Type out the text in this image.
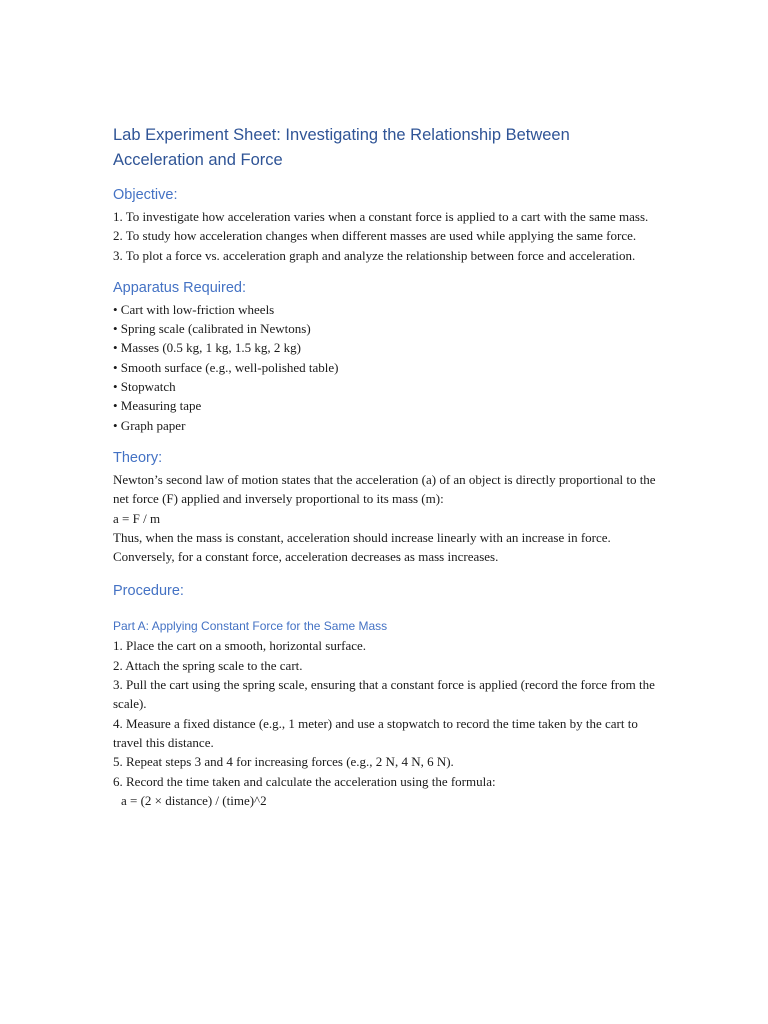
Lab Experiment Sheet: Investigating the Relationship Between
Acceleration and Force
Objective:

1. To investigate how acceleration varies when a constant force is applied to a cart with the same mass.

2. To study how acceleration changes when different masses are used while applying the same force.

3. To plot a force vs. acceleration graph and analyze the relationship between force and acceleration.

Apparatus Required:

• Cart with low-friction wheels

• Spring scale (calibrated in Newtons)

• Masses (0.5 kg, 1 kg, 1.5 kg, 2 kg)

• Smooth surface (e.g., well-polished table)

• Stopwatch

• Measuring tape

• Graph paper

Theory:

Newton’s second law of motion states that the acceleration (a) of an object is directly proportional to the net force (F) applied and inversely proportional to its mass (m):

a = F / m

Thus, when the mass is constant, acceleration should increase linearly with an increase in force. Conversely, for a constant force, acceleration decreases as mass increases.

Procedure:
Part A: Applying Constant Force for the Same Mass

1. Place the cart on a smooth, horizontal surface.

2. Attach the spring scale to the cart.

3. Pull the cart using the spring scale, ensuring that a constant force is applied (record the force from the scale).

4. Measure a fixed distance (e.g., 1 meter) and use a stopwatch to record the time taken by the cart to travel this distance.

5. Repeat steps 3 and 4 for increasing forces (e.g., 2 N, 4 N, 6 N).

6. Record the time taken and calculate the acceleration using the formula:

a = (2 × distance) / (time)^2
